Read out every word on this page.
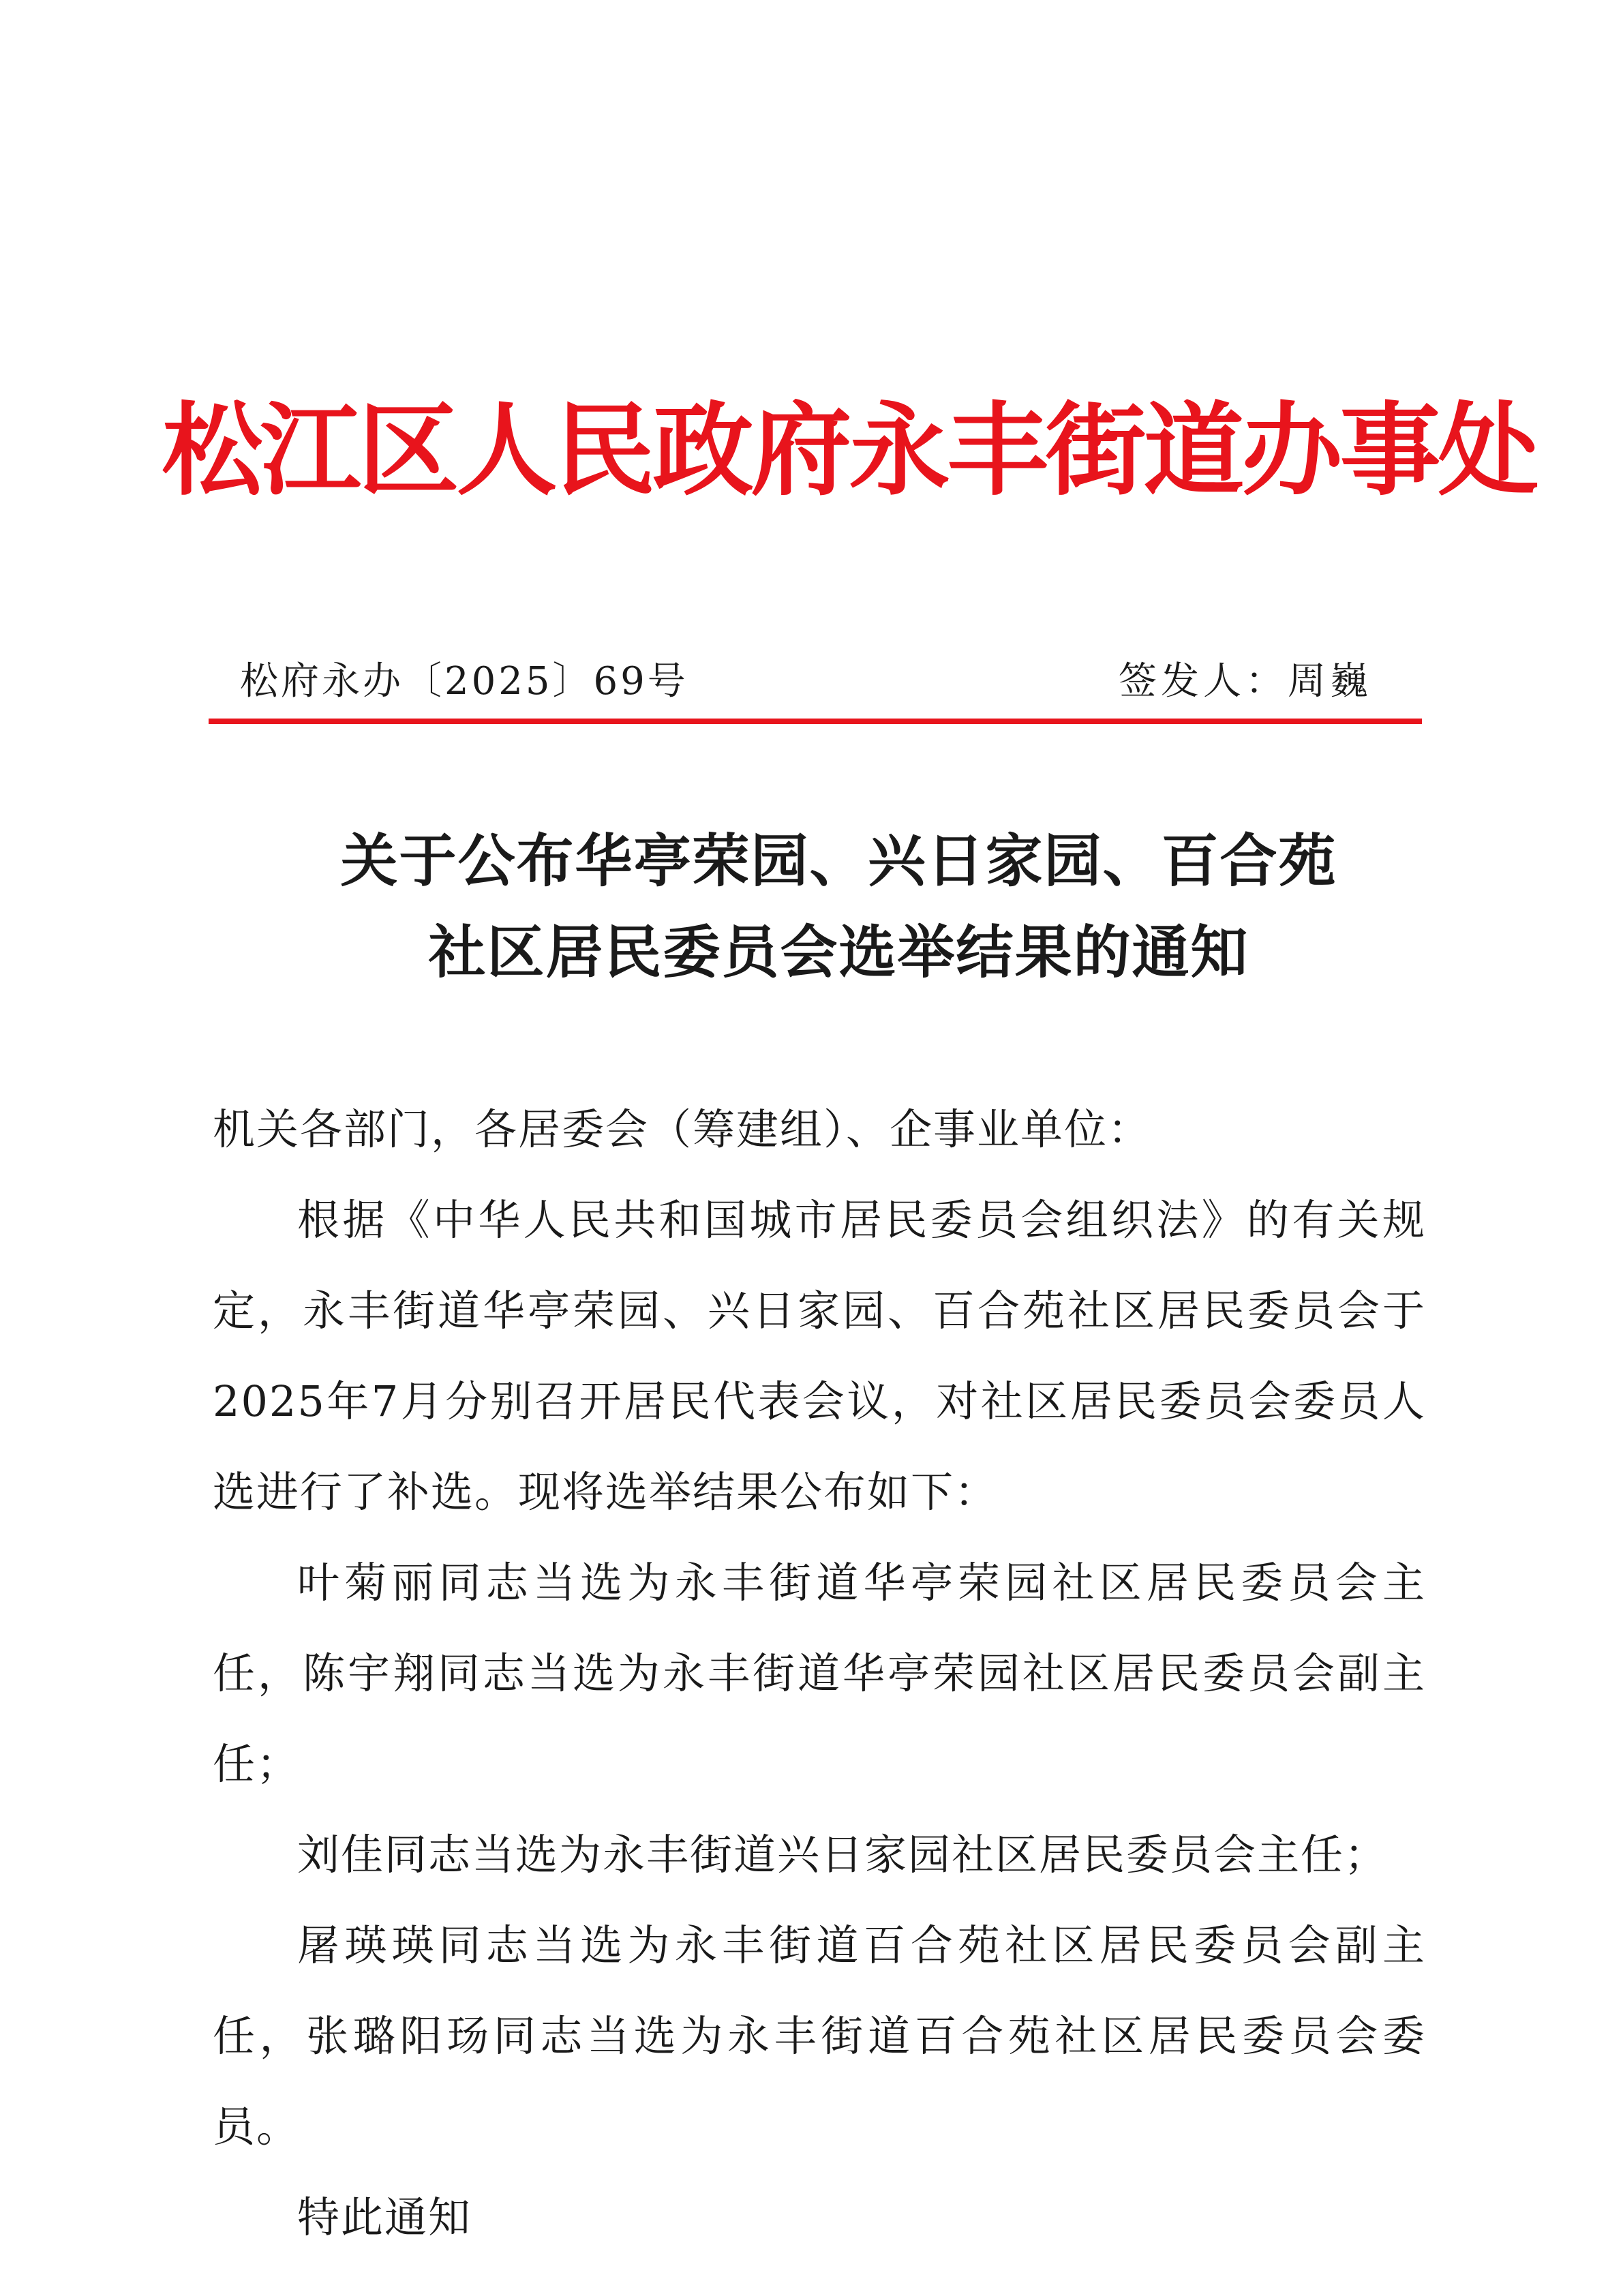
松江区人民政府永丰街道办事处
松府永办〔2025〕69号	签发人：周巍
关于公布华亭荣园、兴日家园、百合苑
社区居民委员会选举结果的通知

机关各部门，各居委会（筹建组）、企事业单位：

根据《中华人民共和国城市居民委员会组织法》的有关规定，永丰街道华亭荣园、兴日家园、百合苑社区居民委员会于2025年7月分别召开居民代表会议，对社区居民委员会委员人选进行了补选。现将选举结果公布如下：

叶菊丽同志当选为永丰街道华亭荣园社区居民委员会主任，陈宇翔同志当选为永丰街道华亭荣园社区居民委员会副主任；

刘佳同志当选为永丰街道兴日家园社区居民委员会主任；

屠瑛瑛同志当选为永丰街道百合苑社区居民委员会副主任，张璐阳玚同志当选为永丰街道百合苑社区居民委员会委员。

特此通知
